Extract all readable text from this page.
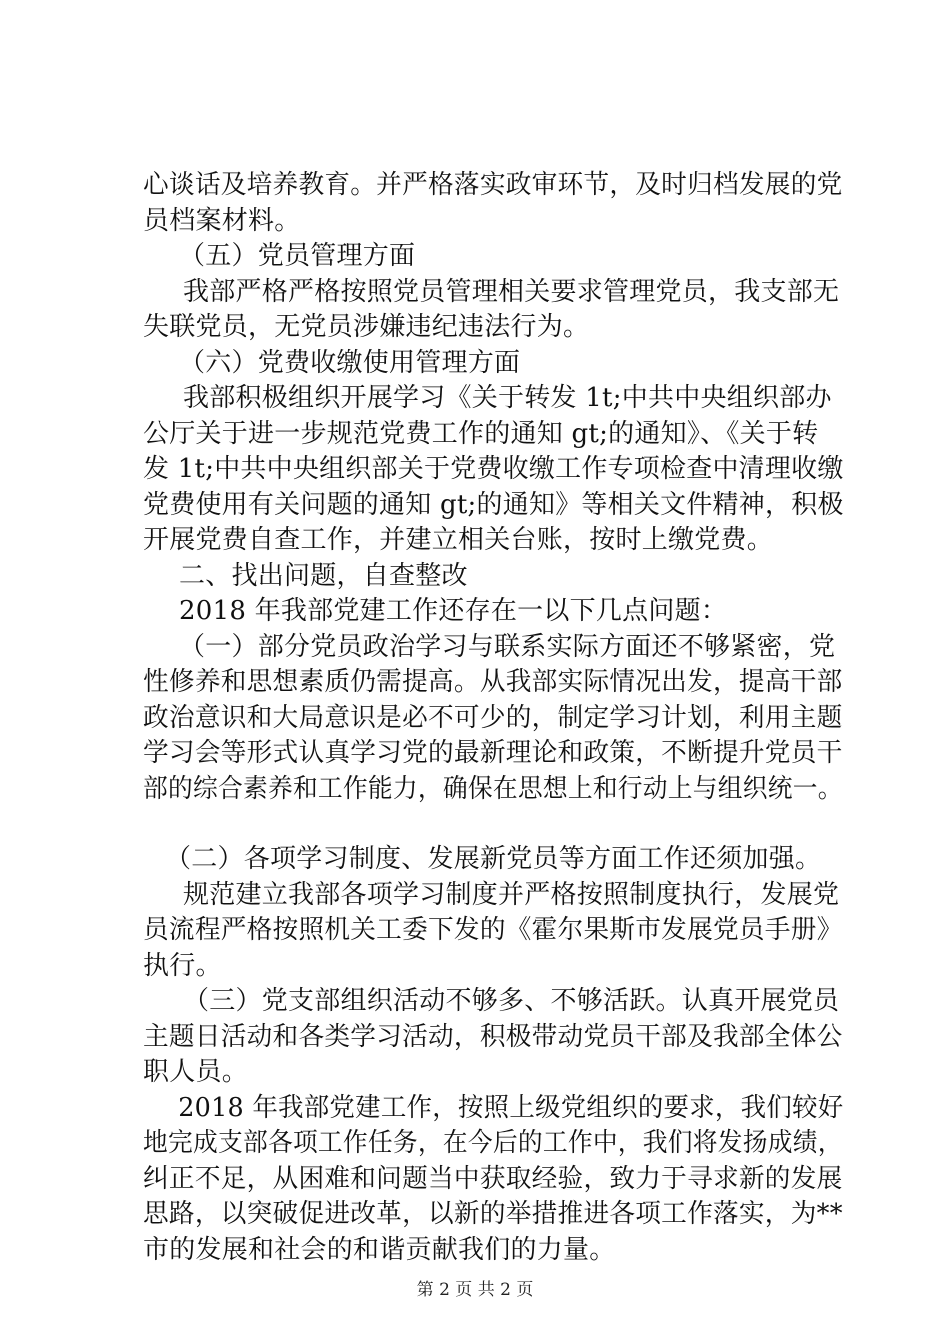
心谈话及培养教育。并严格落实政审环节，及时归档发展的党
员档案材料。
（五）党员管理方面
我部严格严格按照党员管理相关要求管理党员，我支部无
失联党员，无党员涉嫌违纪违法行为。
（六）党费收缴使用管理方面
我部积极组织开展学习《关于转发 1t;中共中央组织部办
公厅关于进一步规范党费工作的通知 gt;的通知》、《关于转
发 1t;中共中央组织部关于党费收缴工作专项检查中清理收缴
党费使用有关问题的通知 gt;的通知》等相关文件精神，积极
开展党费自查工作，并建立相关台账，按时上缴党费。
二、找出问题，自查整改
2018 年我部党建工作还存在一以下几点问题：
（一）部分党员政治学习与联系实际方面还不够紧密，党
性修养和思想素质仍需提高。从我部实际情况出发，提高干部
政治意识和大局意识是必不可少的，制定学习计划，利用主题
学习会等形式认真学习党的最新理论和政策，不断提升党员干
部的综合素养和工作能力，确保在思想上和行动上与组织统一。
（二）各项学习制度、发展新党员等方面工作还须加强。
规范建立我部各项学习制度并严格按照制度执行，发展党
员流程严格按照机关工委下发的《霍尔果斯市发展党员手册》
执行。
（三）党支部组织活动不够多、不够活跃。认真开展党员
主题日活动和各类学习活动，积极带动党员干部及我部全体公
职人员。
2018 年我部党建工作，按照上级党组织的要求，我们较好
地完成支部各项工作任务，在今后的工作中，我们将发扬成绩，
纠正不足，从困难和问题当中获取经验，致力于寻求新的发展
思路，以突破促进改革，以新的举措推进各项工作落实，为**
市的发展和社会的和谐贡献我们的力量。
第 2 页 共 2 页
